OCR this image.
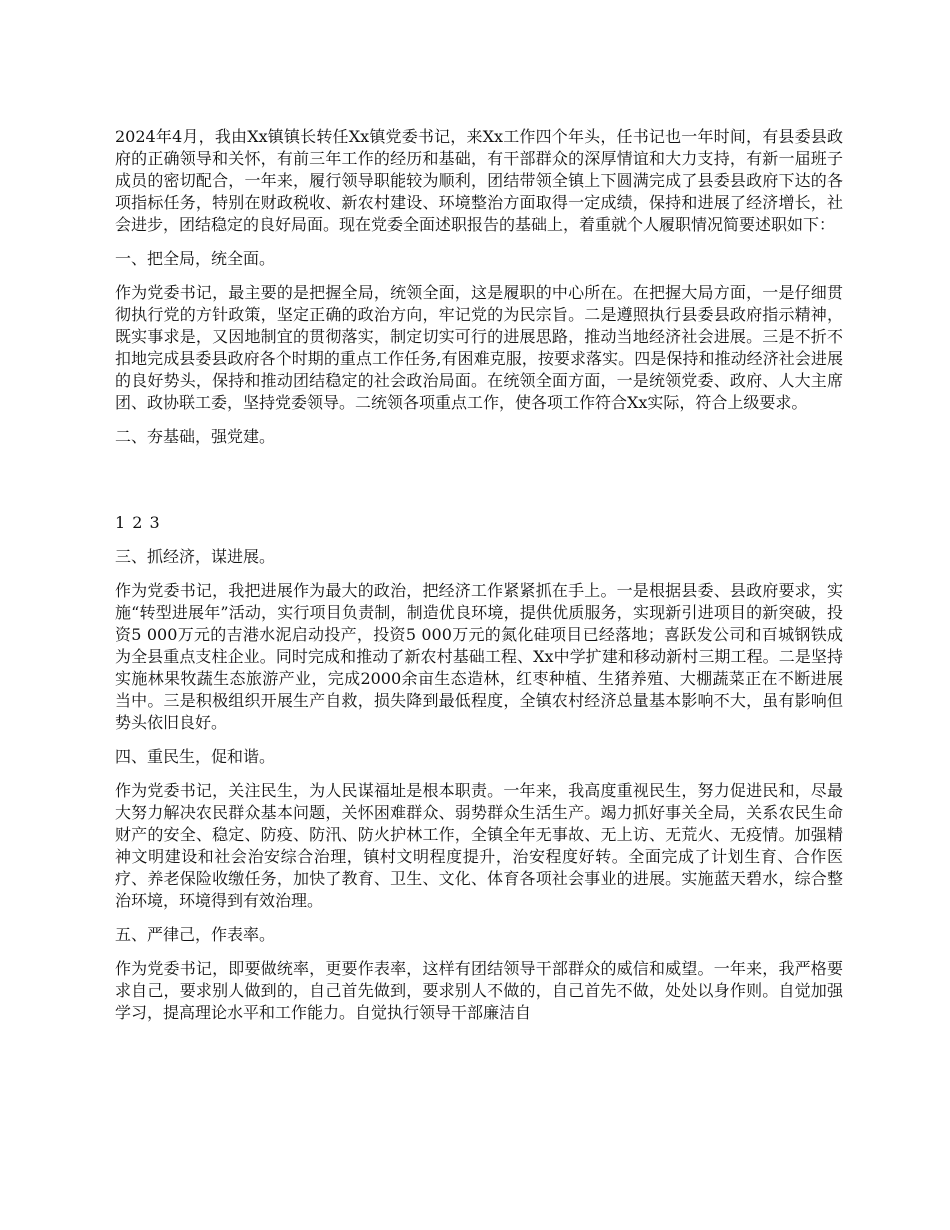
2024年4月，我由Xx镇镇长转任Xx镇党委书记，来Xx工作四个年头，任书记也一年时间，有县委县政府的正确领导和关怀，有前三年工作的经历和基础，有干部群众的深厚情谊和大力支持，有新一届班子成员的密切配合，一年来，履行领导职能较为顺利，团结带领全镇上下圆满完成了县委县政府下达的各项指标任务，特别在财政税收、新农村建设、环境整治方面取得一定成绩，保持和进展了经济增长，社会进步，团结稳定的良好局面。现在党委全面述职报告的基础上，着重就个人履职情况简要述职如下：

一、把全局，统全面。

作为党委书记，最主要的是把握全局，统领全面，这是履职的中心所在。在把握大局方面，一是仔细贯彻执行党的方针政策，坚定正确的政治方向，牢记党的为民宗旨。二是遵照执行县委县政府指示精神，既实事求是，又因地制宜的贯彻落实，制定切实可行的进展思路，推动当地经济社会进展。三是不折不扣地完成县委县政府各个时期的重点工作任务,有困难克服，按要求落实。四是保持和推动经济社会进展的良好势头，保持和推动团结稳定的社会政治局面。在统领全面方面，一是统领党委、政府、人大主席团、政协联工委，坚持党委领导。二统领各项重点工作，使各项工作符合Xx实际，符合上级要求。

二、夯基础，强党建。

1 2 3

三、抓经济，谋进展。

作为党委书记，我把进展作为最大的政治，把经济工作紧紧抓在手上。一是根据县委、县政府要求，实施“转型进展年”活动，实行项目负责制，制造优良环境，提供优质服务，实现新引进项目的新突破，投资5 000万元的吉港水泥启动投产，投资5 000万元的氮化硅项目已经落地；喜跃发公司和百城钢铁成为全县重点支柱企业。同时完成和推动了新农村基础工程、Xx中学扩建和移动新村三期工程。二是坚持实施林果牧蔬生态旅游产业，完成2000余亩生态造林，红枣种植、生猪养殖、大棚蔬菜正在不断进展当中。三是积极组织开展生产自救，损失降到最低程度，全镇农村经济总量基本影响不大，虽有影响但势头依旧良好。

四、重民生，促和谐。

作为党委书记，关注民生，为人民谋福址是根本职责。一年来，我高度重视民生，努力促进民和，尽最大努力解决农民群众基本问题，关怀困难群众、弱势群众生活生产。竭力抓好事关全局，关系农民生命财产的安全、稳定、防疫、防汛、防火护林工作，全镇全年无事故、无上访、无荒火、无疫情。加强精神文明建设和社会治安综合治理，镇村文明程度提升，治安程度好转。全面完成了计划生育、合作医疗、养老保险收缴任务，加快了教育、卫生、文化、体育各项社会事业的进展。实施蓝天碧水，综合整治环境，环境得到有效治理。

五、严律己，作表率。

作为党委书记，即要做统率，更要作表率，这样有团结领导干部群众的威信和威望。一年来，我严格要求自己，要求别人做到的，自己首先做到，要求别人不做的，自己首先不做，处处以身作则。自觉加强学习，提高理论水平和工作能力。自觉执行领导干部廉洁自
